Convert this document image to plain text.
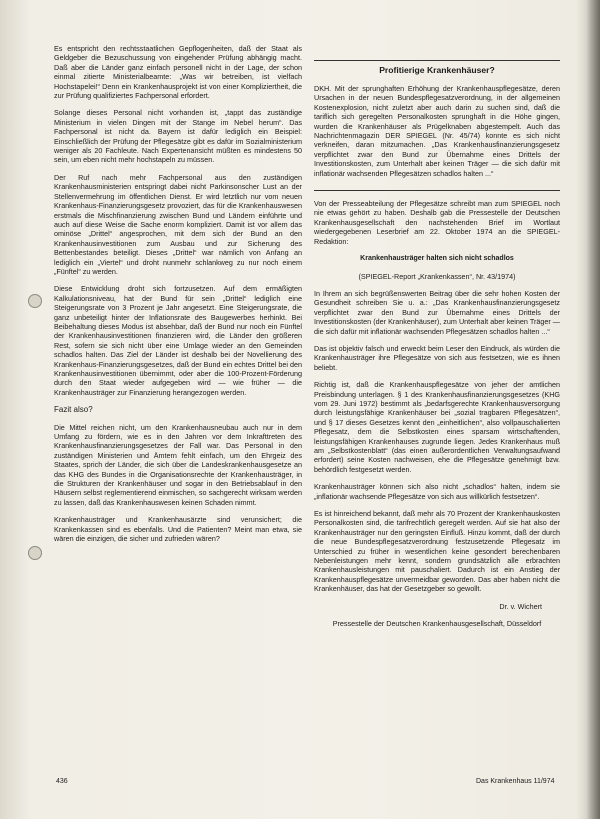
Es entspricht den rechtsstaatlichen Gepflogenheiten, daß der Staat als Geldgeber die Bezuschussung von eingehender Prüfung abhängig macht. Daß aber die Länder ganz einfach personell nicht in der Lage, der schon einmal zitierte Ministerialbeamte: „Was wir betreiben, ist vielfach Hochstapelei!“ Denn ein Krankenhausprojekt ist von einer Kompliziertheit, die zur Prüfung qualifiziertes Fachpersonal erfordert.

Solange dieses Personal nicht vorhanden ist, „tappt das zuständige Ministerium in vielen Dingen mit der Stange im Nebel herum“. Das Fachpersonal ist nicht da. Bayern ist dafür lediglich ein Beispiel: Einschließlich der Prüfung der Pflegesätze gibt es dafür im Sozialministerium weniger als 20 Fachleute. Nach Expertenansicht müßten es mindestens 50 sein, um eben nicht mehr hochstapeln zu müssen.

Der Ruf nach mehr Fachpersonal aus den zuständigen Krankenhausministerien entspringt dabei nicht Parkinsonscher Lust an der Stellenvermehrung im öffentlichen Dienst. Er wird letztlich nur vom neuen Krankenhaus-Finanzierungsgesetz provoziert, das für die Krankenhauswesen erstmals die Mischfinanzierung zwischen Bund und Ländern einführte und auch auf diese Weise die Sache enorm kompliziert. Damit ist vor allem das ominöse „Drittel“ angesprochen, mit dem sich der Bund an den Krankenhausinvestitionen zum Ausbau und zur Sicherung des Bettenbestandes beteiligt. Dieses „Drittel“ war nämlich von Anfang an lediglich ein „Viertel“ und droht nunmehr schlankweg zu nur noch einem „Fünftel“ zu werden.

Diese Entwicklung droht sich fortzusetzen. Auf dem ermäßigten Kalkulationsniveau, hat der Bund für sein „Drittel“ lediglich eine Steigerungsrate von 3 Prozent je Jahr angesetzt. Eine Steigerungsrate, die ganz unbeteiligt hinter der Inflationsrate des Baugewerbes herhinkt. Bei Beibehaltung dieses Modus ist absehbar, daß der Bund nur noch ein Fünftel der Krankenhausinvestitionen finanzieren wird, die Länder den größeren Rest, sofern sie sich nicht über eine Umlage wieder an den Gemeinden schadlos halten. Das Ziel der Länder ist deshalb bei der Novellierung des Krankenhaus-Finanzierungsgesetzes, daß der Bund ein echtes Drittel bei den Krankenhausinvestitionen übernimmt, oder aber die 100-Prozent-Förderung durch den Staat wieder aufgegeben wird — wie früher — die Krankenhausträger zur Finanzierung herangezogen werden.

Fazit also?

Die Mittel reichen nicht, um den Krankenhausneubau auch nur in dem Umfang zu fördern, wie es in den Jahren vor dem Inkrafttreten des Krankenhausfinanzierungsgesetzes der Fall war. Das Personal in den zuständigen Ministerien und Ämtern fehlt einfach, um den Ehrgeiz des Staates, sprich der Länder, die sich über die Landeskrankenhausgesetze an das KHG des Bundes in die Organisationsrechte der Krankenhausträger, in die Strukturen der Krankenhäuser und sogar in den Betriebsablauf in den Häusern selbst reglementierend einmischen, so sachgerecht wirksam werden zu lassen, daß das Krankenhauswesen keinen Schaden nimmt.

Krankenhausträger und Krankenhausärzte sind verunsichert; die Krankenkassen sind es ebenfalls. Und die Patienten? Meint man etwa, sie wären die einzigen, die sicher und zufrieden wären?

Profitierige Krankenhäuser?

DKH. Mit der sprunghaften Erhöhung der Krankenhauspflegesätze, deren Ursachen in der neuen Bundespflegesatzverordnung, in der allgemeinen Kostenexplosion, nicht zuletzt aber auch darin zu suchen sind, daß die tariflich sich geregelten Personalkosten sprunghaft in die Höhe gingen, wurden die Krankenhäuser als Prügelknaben abgestempelt. Auch das Nachrichtenmagazin DER SPIEGEL (Nr. 45/74) konnte es sich nicht verkneifen, daran mitzumachen. „Das Krankenhausfinanzierungsgesetz verpflichtet zwar den Bund zur Übernahme eines Drittels der Investitionskosten, zum Unterhalt aber keinen Träger — die sich dafür mit inflationär wachsenden Pflegesätzen schadlos halten ...“

Von der Presseabteilung der Pflegesätze schreibt man zum SPIEGEL noch nie etwas gehört zu haben. Deshalb gab die Pressestelle der Deutschen Krankenhausgesellschaft den nachstehenden Brief im Wortlaut wiedergegebenen Leserbrief am 22. Oktober 1974 an die SPIEGEL-Redaktion:

Krankenhausträger halten sich nicht schadlos

(SPIEGEL-Report „Krankenkassen“, Nr. 43/1974)

In Ihrem an sich begrüßenswerten Beitrag über die sehr hohen Kosten der Gesundheit schreiben Sie u. a.: „Das Krankenhausfinanzierungsgesetz verpflichtet zwar den Bund zur Übernahme eines Drittels der Investitionskosten (der Krankenhäuser), zum Unterhalt aber keinen Träger — die sich dafür mit inflationär wachsenden Pflegesätzen schadlos halten ...“

Das ist objektiv falsch und erweckt beim Leser den Eindruck, als würden die Krankenhausträger ihre Pflegesätze von sich aus festsetzen, wie es ihnen beliebt.

Richtig ist, daß die Krankenhauspflegesätze von jeher der amtlichen Preisbindung unterlagen. § 1 des Krankenhausfinanzierungsgesetzes (KHG vom 29. Juni 1972) bestimmt als „bedarfsgerechte Krankenhausversorgung durch leistungsfähige Krankenhäuser bei „sozial tragbaren Pflegesätzen“, und § 17 dieses Gesetzes kennt den „einheitlichen“, also vollpauschalierten Pflegesatz, dem die Selbstkosten eines sparsam wirtschaftenden, leistungsfähigen Krankenhauses zugrunde liegen. Jedes Krankenhaus muß am „Selbstkostenblatt“ (das einen außerordentlichen Verwaltungsaufwand erfordert) seine Kosten nachweisen, ehe die Pflegesätze genehmigt bzw. behördlich festgesetzt werden.

Krankenhausträger können sich also nicht „schadlos“ halten, indem sie „inflationär wachsende Pflegesätze von sich aus willkürlich festsetzen“.

Es ist hinreichend bekannt, daß mehr als 70 Prozent der Krankenhauskosten Personalkosten sind, die tarifrechtlich geregelt werden. Auf sie hat also der Krankenhausträger nur den geringsten Einfluß. Hinzu kommt, daß der durch die neue Bundespflegesatzverordnung festzusetzende Pflegesatz im Unterschied zu früher in wesentlichen keine gesondert berechenbaren Nebenleistungen mehr kennt, sondern grundsätzlich alle erbrachten Krankenhausleistungen mit pauschaliert. Dadurch ist ein Anstieg der Krankenhauspflegesätze unvermeidbar geworden. Das aber haben nicht die Krankenhäuser, das hat der Gesetzgeber so gewollt.

Dr. v. Wichert

Pressestelle der Deutschen Krankenhausgesellschaft, Düsseldorf

436	Das Krankenhaus 11/974
